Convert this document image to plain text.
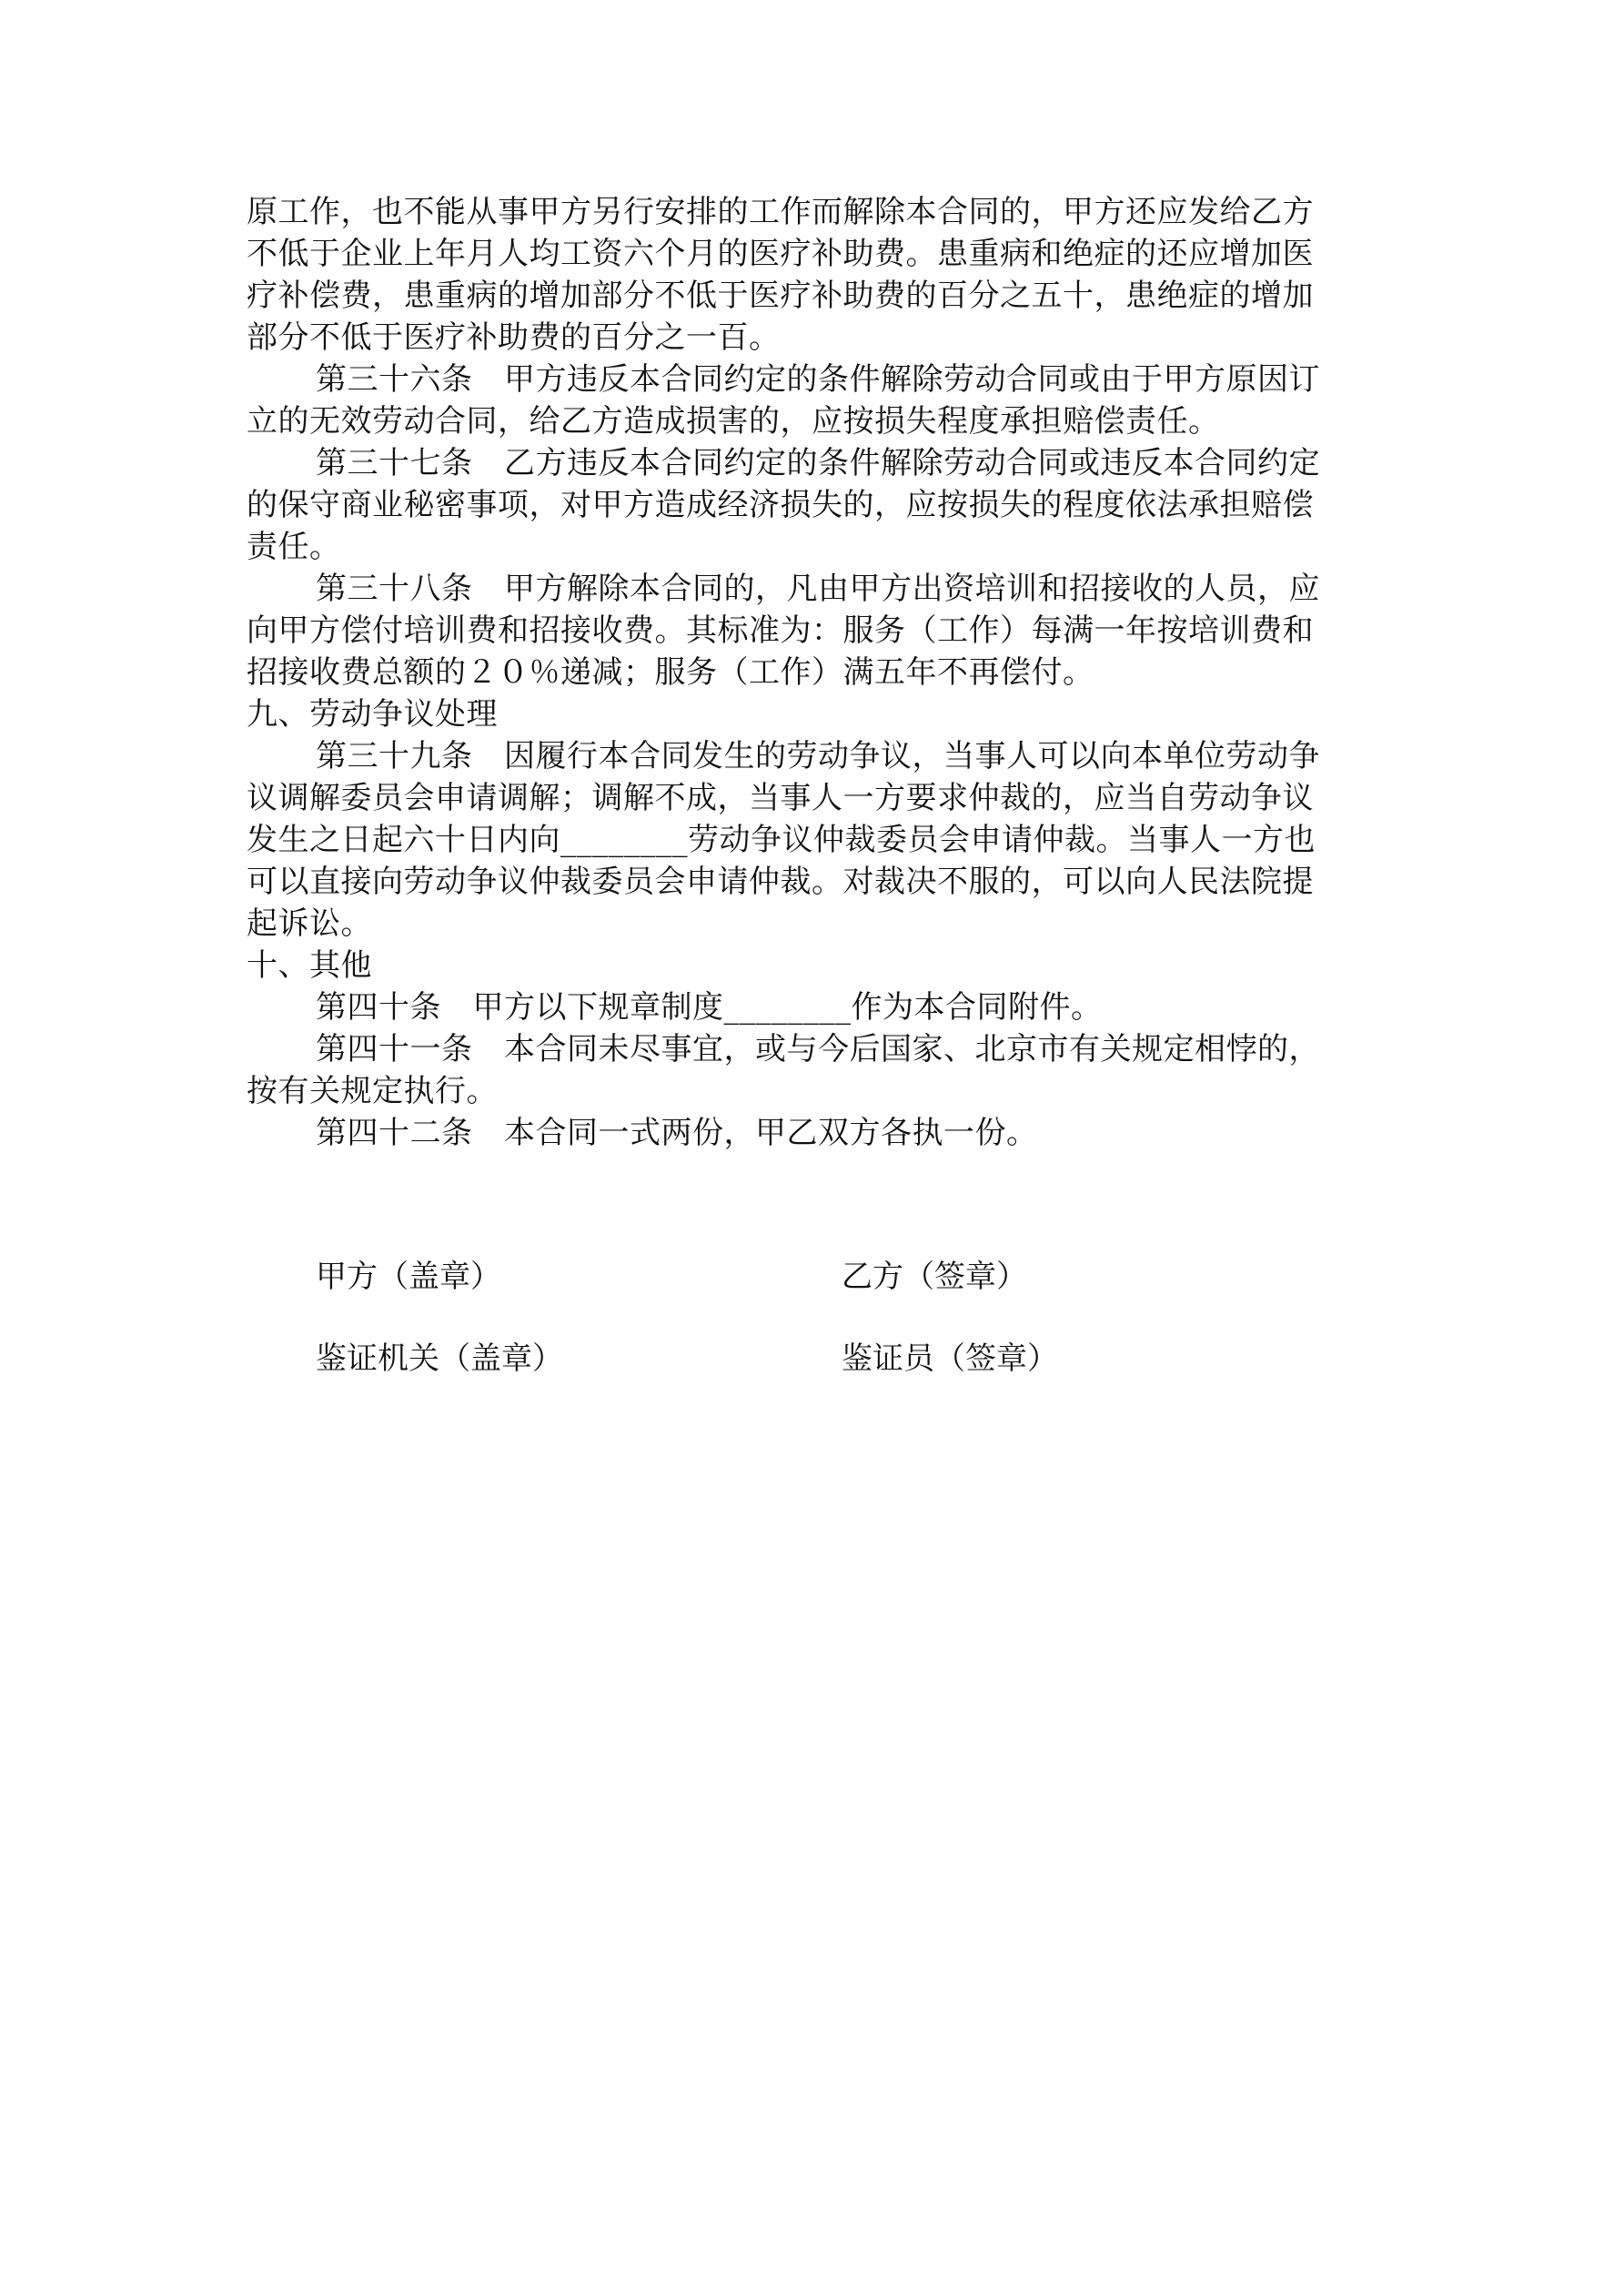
原工作，也不能从事甲方另行安排的工作而解除本合同的，甲方还应发给乙方
不低于企业上年月人均工资六个月的医疗补助费。患重病和绝症的还应增加医
疗补偿费，患重病的增加部分不低于医疗补助费的百分之五十，患绝症的增加
部分不低于医疗补助费的百分之一百。
第三十六条　甲方违反本合同约定的条件解除劳动合同或由于甲方原因订
立的无效劳动合同，给乙方造成损害的，应按损失程度承担赔偿责任。
第三十七条　乙方违反本合同约定的条件解除劳动合同或违反本合同约定
的保守商业秘密事项，对甲方造成经济损失的，应按损失的程度依法承担赔偿
责任。
第三十八条　甲方解除本合同的，凡由甲方出资培训和招接收的人员，应
向甲方偿付培训费和招接收费。其标准为：服务（工作）每满一年按培训费和
招接收费总额的２０％递减；服务（工作）满五年不再偿付。
九、劳动争议处理
第三十九条　因履行本合同发生的劳动争议，当事人可以向本单位劳动争
议调解委员会申请调解；调解不成，当事人一方要求仲裁的，应当自劳动争议
发生之日起六十日内向________劳动争议仲裁委员会申请仲裁。当事人一方也
可以直接向劳动争议仲裁委员会申请仲裁。对裁决不服的，可以向人民法院提
起诉讼。
十、其他
第四十条　甲方以下规章制度________作为本合同附件。
第四十一条　本合同未尽事宜，或与今后国家、北京市有关规定相悖的，
按有关规定执行。
第四十二条　本合同一式两份，甲乙双方各执一份。
甲方（盖章）	乙方（签章）
鉴证机关（盖章）	鉴证员（签章）
